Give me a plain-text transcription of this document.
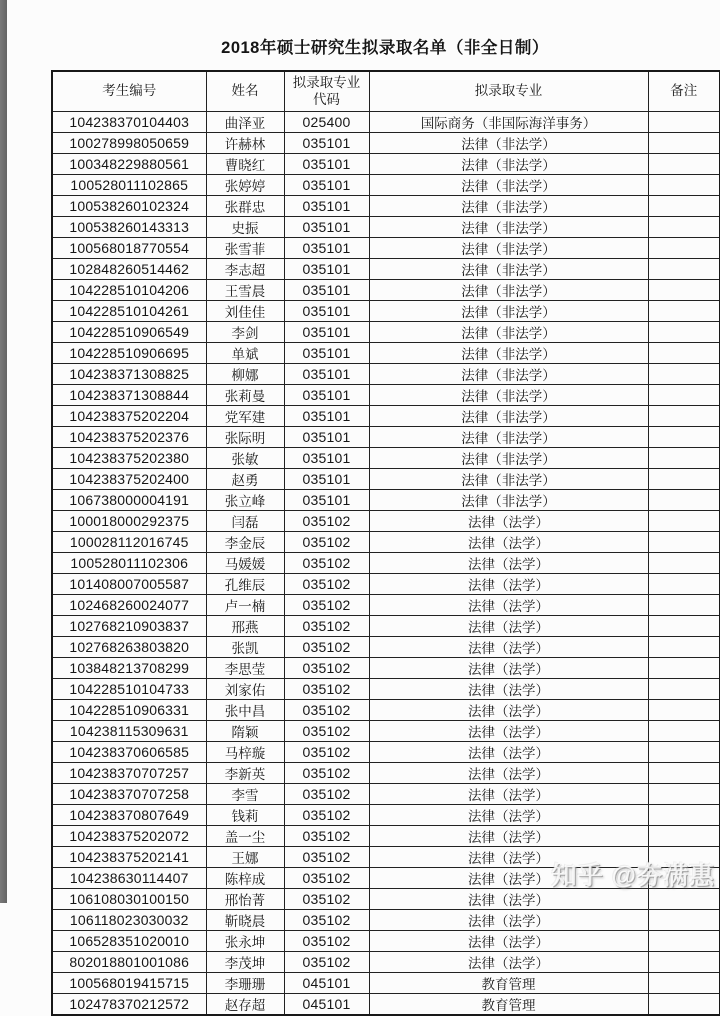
2018年硕士研究生拟录取名单（非全日制）
考生编号	姓名	拟录取专业代码	拟录取专业	备注
104238370104403	曲泽亚	025400	国际商务（非国际海洋事务）	
100278998050659	许赫林	035101	法律（非法学）	
100348229880561	曹晓红	035101	法律（非法学）	
100528011102865	张婷婷	035101	法律（非法学）	
100538260102324	张群忠	035101	法律（非法学）	
100538260143313	史振	035101	法律（非法学）	
100568018770554	张雪菲	035101	法律（非法学）	
102848260514462	李志超	035101	法律（非法学）	
104228510104206	王雪晨	035101	法律（非法学）	
104228510104261	刘佳佳	035101	法律（非法学）	
104228510906549	李剑	035101	法律（非法学）	
104228510906695	单斌	035101	法律（非法学）	
104238371308825	柳娜	035101	法律（非法学）	
104238371308844	张莉曼	035101	法律（非法学）	
104238375202204	党军建	035101	法律（非法学）	
104238375202376	张际明	035101	法律（非法学）	
104238375202380	张敏	035101	法律（非法学）	
104238375202400	赵勇	035101	法律（非法学）	
106738000004191	张立峰	035101	法律（非法学）	
100018000292375	闫磊	035102	法律（法学）	
100028112016745	李金辰	035102	法律（法学）	
100528011102306	马媛媛	035102	法律（法学）	
101408007005587	孔维辰	035102	法律（法学）	
102468260024077	卢一楠	035102	法律（法学）	
102768210903837	邢燕	035102	法律（法学）	
102768263803820	张凯	035102	法律（法学）	
103848213708299	李思莹	035102	法律（法学）	
104228510104733	刘家佑	035102	法律（法学）	
104228510906331	张中昌	035102	法律（法学）	
104238115309631	隋颖	035102	法律（法学）	
104238370606585	马梓璇	035102	法律（法学）	
104238370707257	李新英	035102	法律（法学）	
104238370707258	李雪	035102	法律（法学）	
104238370807649	钱莉	035102	法律（法学）	
104238375202072	盖一尘	035102	法律（法学）	
104238375202141	王娜	035102	法律（法学）	
104238630114407	陈梓成	035102	法律（法学）	
106108030100150	邢怡菁	035102	法律（法学）	
106118023030032	靳晓晨	035102	法律（法学）	
106528351020010	张永坤	035102	法律（法学）	
802018801001086	李茂坤	035102	法律（法学）	
100568019415715	李珊珊	045101	教育管理	
102478370212572	赵存超	045101	教育管理	
知乎 @夯满惠
